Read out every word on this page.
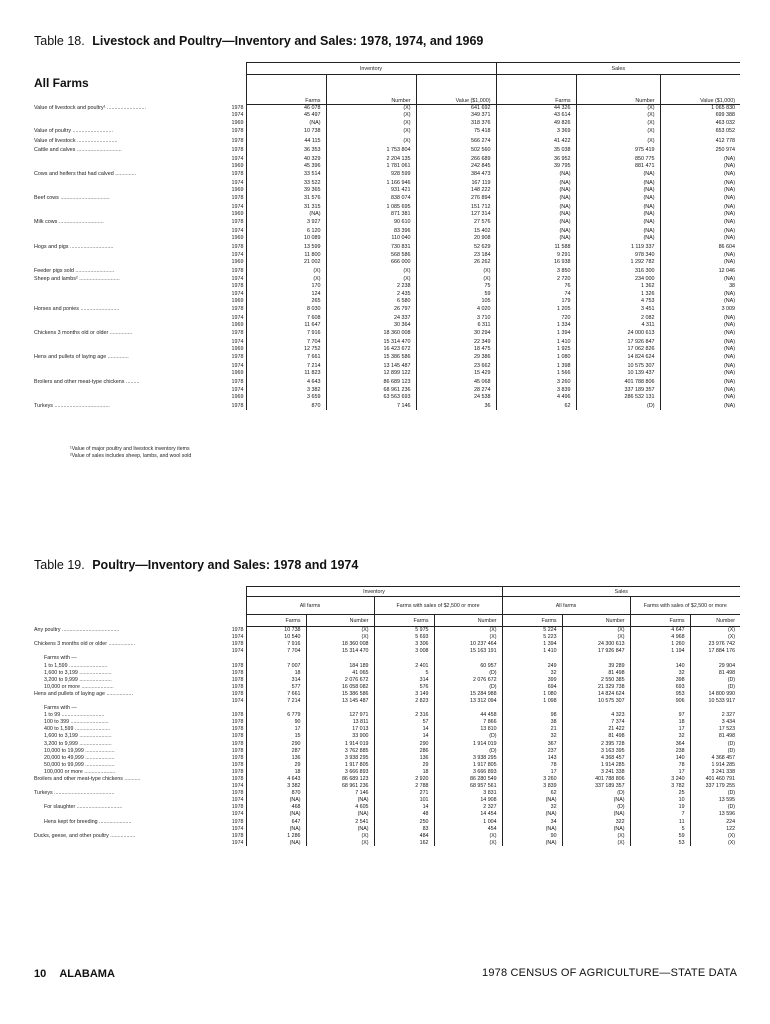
Table 18. Livestock and Poultry—Inventory and Sales: 1978, 1974, and 1969
All Farms
		Inventory			Sales		
		Farms	Number	Value ($1,000)	Farms	Number	Value ($1,000)
Value of livestock and poultry¹ ..........................	1978	46 078	(X)	641 692	44 326	(X)	1 065 830
	1974	45 497	(X)	349 371	43 614	(X)	699 388
	1969	(NA)	(X)	318 376	49 826	(X)	463 032
Value of poultry ...........................	1978	10 738	(X)	75 418	3 369	(X)	653 052
Value of livestock ...........................	1978	44 115	(X)	566 274	41 422	(X)	412 778
Cattle and calves ..............................	1978	36 353	1 753 804	502 560	35 038	975 419	250 974
	1974	40 329	2 204 135	266 689	36 952	850 775	(NA)
	1969	45 396	1 781 061	242 845	39 795	881 471	(NA)
Cows and heifers that had calved ..............	1978	33 514	928 599	384 473	(NA)	(NA)	(NA)
	1974	33 522	1 166 946	167 119	(NA)	(NA)	(NA)
	1969	39 365	931 421	148 222	(NA)	(NA)	(NA)
Beef cows .................................	1978	31 576	838 074	276 894	(NA)	(NA)	(NA)
	1974	31 315	1 085 695	151 712	(NA)	(NA)	(NA)
	1969	(NA)	871 381	127 314	(NA)	(NA)	(NA)
Milk cows ..............................	1978	3 927	90 610	27 576	(NA)	(NA)	(NA)
	1974	6 120	83 396	15 402	(NA)	(NA)	(NA)
	1969	10 089	110 040	20 908	(NA)	(NA)	(NA)
Hogs and pigs .............................	1978	13 599	730 831	52 629	11 588	1 119 337	86 604
	1974	11 800	568 586	23 184	9 291	978 340	(NA)
	1969	21 002	666 000	26 262	16 938	1 292 782	(NA)
Feeder pigs sold ..........................	1978	(X)	(X)	(X)	3 850	316 300	12 046
Sheep and lambs² ...........................	1974	(X)	(X)	(X)	2 720	234 000	(NA)
	1978	170	2 238	75	76	1 362	38
	1974	124	2 435	59	74	1 326	(NA)
	1969	265	6 580	105	179	4 753	(NA)
Horses and ponies ..........................	1978	8 030	26 797	4 020	1 205	3 451	3 009
	1974	7 608	24 337	3 710	720	2 082	(NA)
	1969	11 647	30 364	6 311	1 334	4 311	(NA)
Chickens 3 months old or older ...............	1978	7 916	18 360 008	30 294	1 394	24 000 613	(NA)
	1974	7 704	15 314 470	22 349	1 410	17 926 847	(NA)
	1969	12 752	16 423 672	18 475	1 925	17 062 826	(NA)
Hens and pullets of laying age ..............	1978	7 661	15 386 586	29 386	1 080	14 824 624	(NA)
	1974	7 214	13 145 487	23 662	1 398	10 575 307	(NA)
	1969	11 823	12 899 122	15 429	1 566	10 139 437	(NA)
Broilers and other meat-type chickens .........	1978	4 643	86 689 123	45 068	3 260	401 788 806	(NA)
	1974	3 382	68 961 236	28 274	3 839	337 189 357	(NA)
	1969	3 659	63 563 693	24 538	4 496	286 532 131	(NA)
Turkeys .....................................	1978	870	7 146	36	62	(D)	(NA)
¹Value of major poultry and livestock inventory items
²Value of sales includes sheep, lambs, and wool sold
Table 19. Poultry—Inventory and Sales: 1978 and 1974
		Inventory				Sales			
		All farms		Farms with sales of $2,500 or more		All farms		Farms with sales of $2,500 or more	
		Farms	Number	Farms	Number	Farms	Number	Farms	Number
Any poultry .......................................	1978	10 738	(X)	5 975	(X)	5 224	(X)	4 647	(X)
	1974	10 540	(X)	5 693	(X)	5 223	(X)	4 968	(X)
Chickens 3 months old or older ..................	1978	7 916	18 360 008	3 306	10 237 464	1 394	24 300 613	1 260	23 976 742
	1974	7 704	15 314 470	3 008	15 163 191	1 410	17 926 847	1 194	17 884 176
Farms with —									
1 to 1,599 ..........................	1978	7 007	184 189	2 401	60 957	249	39 289	140	29 904
1,600 to 3,199 ......................	1978	18	41 065	5	(D)	32	81 498	32	81 498
3,200 to 9,999 ......................	1978	314	2 076 672	314	2 076 672	399	2 550 385	398	(D)
10,000 or more ......................	1978	577	16 058 082	576	(D)	694	21 329 738	693	(D)
Hens and pullets of laying age ..................	1978	7 661	15 386 586	3 149	15 284 988	1 080	14 824 624	953	14 800 990
	1974	7 214	13 145 487	2 823	13 312 094	1 098	10 575 307	906	10 533 917
Farms with —									
1 to 99 .............................	1978	6 779	127 971	2 316	44 458	98	4 323	97	2 327
100 to 399 ..........................	1978	90	13 811	57	7 866	38	7 374	18	3 434
400 to 1,599 ........................	1978	17	17 013	14	13 810	21	21 422	17	17 523
1,600 to 3,199 ......................	1978	15	33 900	14	(D)	32	81 498	32	81 498
3,200 to 9,999 ......................	1978	290	1 914 019	290	1 914 019	367	2 395 728	364	(D)
10,000 to 19,999 ....................	1978	287	3 762 885	286	(D)	237	3 163 395	238	(D)
20,000 to 49,999 ....................	1978	136	3 938 295	136	3 938 295	143	4 368 457	140	4 368 457
50,000 to 99,999 ....................	1978	29	1 917 805	29	1 917 805	78	1 914 285	78	1 914 285
100,000 or more .....................	1978	18	3 666 893	18	3 666 893	17	3 241 338	17	3 241 338
Broilers and other meat-type chickens ...........	1978	4 643	86 689 123	2 920	86 280 549	3 260	401 788 806	3 240	401 460 791
	1974	3 382	68 961 236	2 788	68 957 561	3 839	337 189 357	3 782	337 179 255
Turkeys .........................................	1978	870	7 146	271	3 831	62	(D)	25	(D)
	1974	(NA)	(NA)	101	14 908	(NA)	(NA)	10	13 595
For slaughter ...............................	1978	468	4 605	14	2 327	32	(D)	19	(D)
	1974	(NA)	(NA)	48	14 454	(NA)	(NA)	7	13 596
Hens kept for breeding ......................	1978	647	2 541	250	1 004	34	322	11	224
	1974	(NA)	(NA)	83	454	(NA)	(NA)	5	122
Ducks, geese, and other poultry .................	1978	1 286	(X)	484	(X)	90	(X)	59	(X)
	1974	(NA)	(X)	162	(X)	(NA)	(X)	53	(X)
10 ALABAMA	1978 CENSUS OF AGRICULTURE—STATE DATA
